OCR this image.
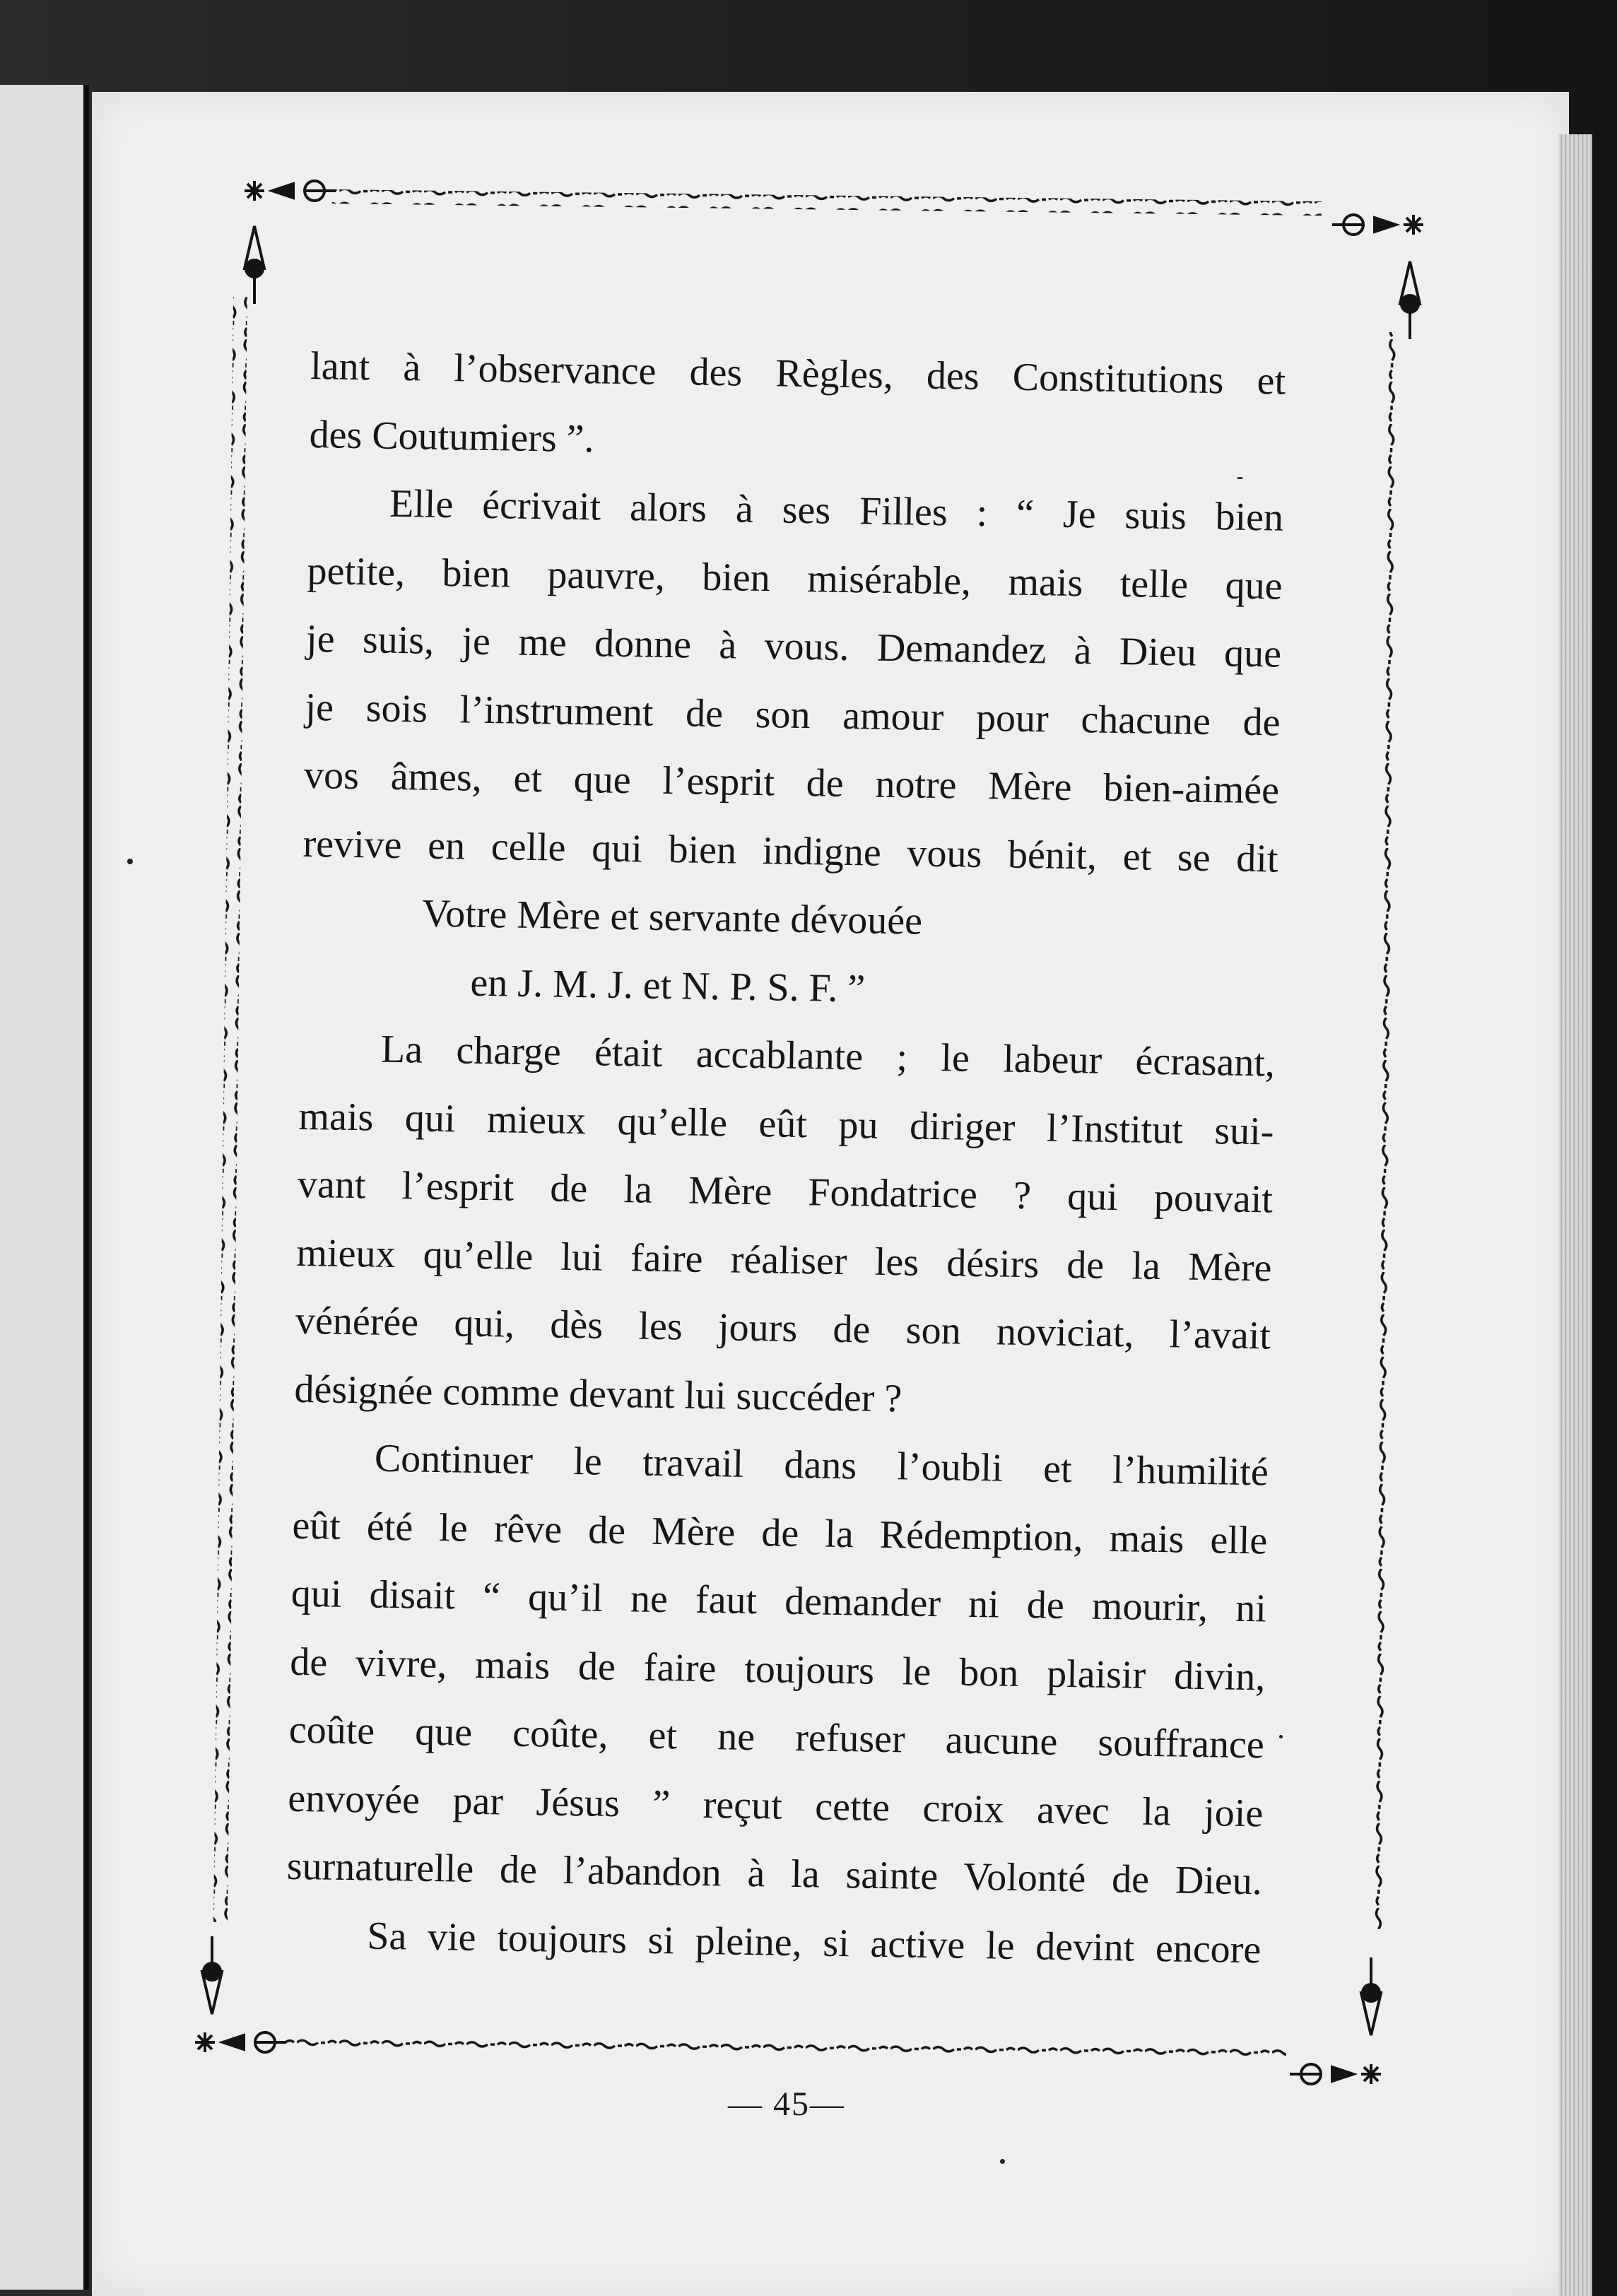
lant à l’observance des Règles, des Constitutions et
des Coutumiers ”.
Elle écrivait alors à ses Filles : “ Je suis bien
petite, bien pauvre, bien misérable, mais telle que
je suis, je me donne à vous. Demandez à Dieu que
je sois l’instrument de son amour pour chacune de
vos âmes, et que l’esprit de notre Mère bien-aimée
revive en celle qui bien indigne vous bénit, et se dit
Votre Mère et servante dévouée
en J. M. J. et N. P. S. F. ”
La charge était accablante ; le labeur écrasant,
mais qui mieux qu’elle eût pu diriger l’Institut sui-
vant l’esprit de la Mère Fondatrice ? qui pouvait
mieux qu’elle lui faire réaliser les désirs de la Mère
vénérée qui, dès les jours de son noviciat, l’avait
désignée comme devant lui succéder ?
Continuer le travail dans l’oubli et l’humilité
eût été le rêve de Mère de la Rédemption, mais elle
qui disait “ qu’il ne faut demander ni de mourir, ni
de vivre, mais de faire toujours le bon plaisir divin,
coûte que coûte, et ne refuser aucune souffrance
envoyée par Jésus ” reçut cette croix avec la joie
surnaturelle de l’abandon à la sainte Volonté de Dieu.
Sa vie toujours si pleine, si active le devint encore
— 45—
